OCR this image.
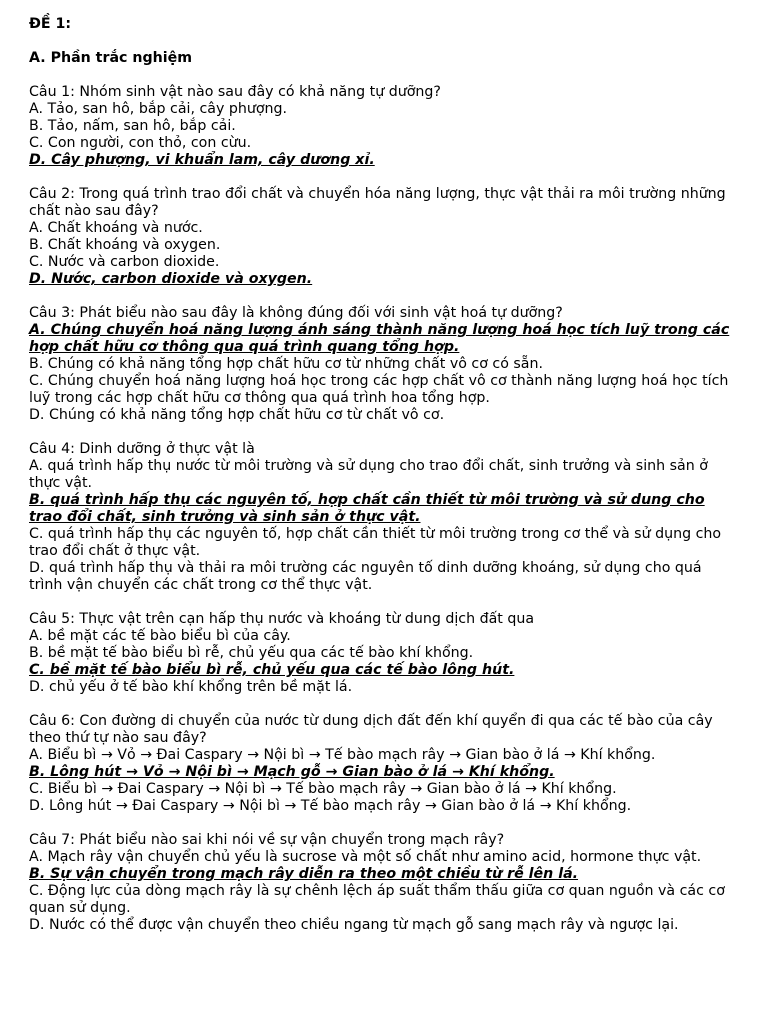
ĐỀ 1:
A. Phần trắc nghiệm
Câu 1: Nhóm sinh vật nào sau đây có khả năng tự dưỡng?
A. Tảo, san hô, bắp cải, cây phượng.
B. Tảo, nấm, san hô, bắp cải.
C. Con người, con thỏ, con cừu.
D. Cây phượng, vi khuẩn lam, cây dương xỉ.
Câu 2: Trong quá trình trao đổi chất và chuyển hóa năng lượng, thực vật thải ra môi trường những chất nào sau đây?
A. Chất khoáng và nước.
B. Chất khoáng và oxygen.
C. Nước và carbon dioxide.
D. Nước, carbon dioxide và oxygen.
Câu 3: Phát biểu nào sau đây là không đúng đối với sinh vật hoá tự dưỡng?
A. Chúng chuyển hoá năng lượng ánh sáng thành năng lượng hoá học tích luỹ trong các hợp chất hữu cơ thông qua quá trình quang tổng hợp.
B. Chúng có khả năng tổng hợp chất hữu cơ từ những chất vô cơ có sẵn.
C. Chúng chuyển hoá năng lượng hoá học trong các hợp chất vô cơ thành năng lượng hoá học tích luỹ trong các hợp chất hữu cơ thông qua quá trình hoa tổng hợp.
D. Chúng có khả năng tổng hợp chất hữu cơ từ chất vô cơ.
Câu 4: Dinh dưỡng ở thực vật là
A. quá trình hấp thụ nước từ môi trường và sử dụng cho trao đổi chất, sinh trưởng và sinh sản ở thực vật.
B. quá trình hấp thụ các nguyên tố, hợp chất cần thiết từ môi trường và sử dung cho trao đổi chất, sinh trưởng và sinh sản ở thực vật.
C. quá trình hấp thụ các nguyên tố, hợp chất cần thiết từ môi trường trong cơ thể và sử dụng cho trao đổi chất ở thực vật.
D. quá trình hấp thụ và thải ra môi trường các nguyên tố dinh dưỡng khoáng, sử dụng cho quá trình vận chuyển các chất trong cơ thể thực vật.
Câu 5: Thực vật trên cạn hấp thụ nước và khoáng từ dung dịch đất qua
A. bề mặt các tế bào biểu bì của cây.
B. bề mặt tế bào biểu bì rễ, chủ yếu qua các tế bào khí khổng.
C. bề mặt tế bào biểu bì rễ, chủ yếu qua các tế bào lông hút.
D. chủ yếu ở tế bào khí khổng trên bề mặt lá.
Câu 6: Con đường di chuyển của nước từ dung dịch đất đến khí quyển đi qua các tế bào của cây theo thứ tự nào sau đây?
A. Biểu bì → Vỏ → Đai Caspary → Nội bì → Tế bào mạch rây → Gian bào ở lá → Khí khổng.
B. Lông hút → Vỏ → Nội bì → Mạch gỗ → Gian bào ở lá → Khí khổng.
C. Biểu bì → Đai Caspary → Nội bì → Tế bào mạch rây → Gian bào ở lá → Khí khổng.
D. Lông hút → Đai Caspary → Nội bì → Tế bào mạch rây → Gian bào ở lá → Khí khổng.
Câu 7: Phát biểu nào sai khi nói về sự vận chuyển trong mạch rây?
A. Mạch rây vận chuyển chủ yếu là sucrose và một số chất như amino acid, hormone thực vật.
B. Sự vận chuyển trong mạch rây diễn ra theo một chiều từ rễ lên lá.
C. Động lực của dòng mạch rây là sự chênh lệch áp suất thẩm thấu giữa cơ quan nguồn và các cơ quan sử dụng.
D. Nước có thể được vận chuyển theo chiều ngang từ mạch gỗ sang mạch rây và ngược lại.
